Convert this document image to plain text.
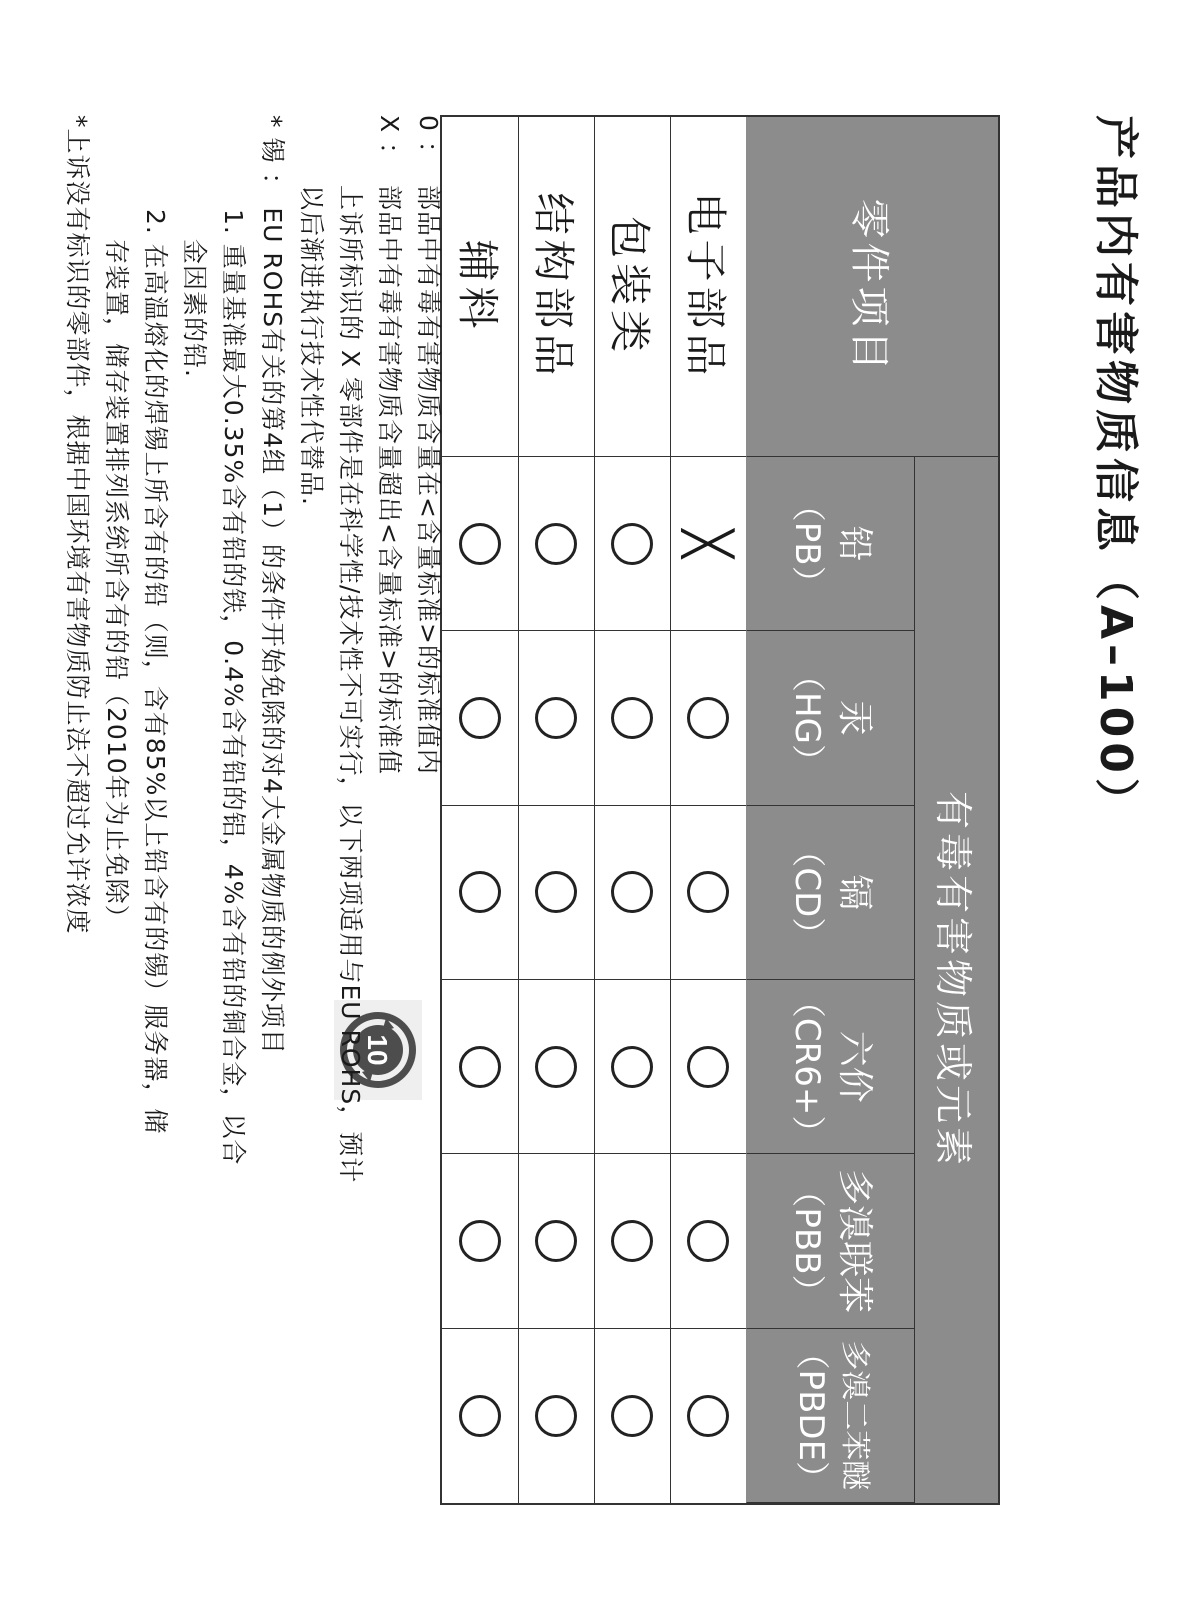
产品内有害物质信息（A–100）
零件项目
有毒有害物质或元素
铅
（PB）
汞
（HG）
镉
（CD）
六价
（CR6+）
多溴联苯
（PBB）
多溴二苯醚
（PBDE）
电子部品
╳
包装类
结构部品
辅料
10
0 ：部品中有毒有害物质含量在<含量标准>的标准值内
X ：部品中有毒有害物质含量超出<含量标准>的标准值
上诉所标识的 X 零部件是在科学性/技术性不可实行，以下两项适用与EU ROHS，预计
以后渐进执行技术性代替品.
* 锡 ： EU ROHS有关的第4组（1）的条件开始免除的对4大金属物质的例外项目
1. 重量基准最大0.35%含有铅的铁，0.4%含有铅的铝，4%含有铅的铜合金，以合
金因素的铅.
2. 在高温熔化的焊锡上所含有的铅（则，含有85%以上铅含有的锡）服务器，储
存装置，储存装置排列系统所含有的铅（2010年为止免除）
*上诉没有标识的零部件，根据中国环境有害物质防止法不超过允许浓度
